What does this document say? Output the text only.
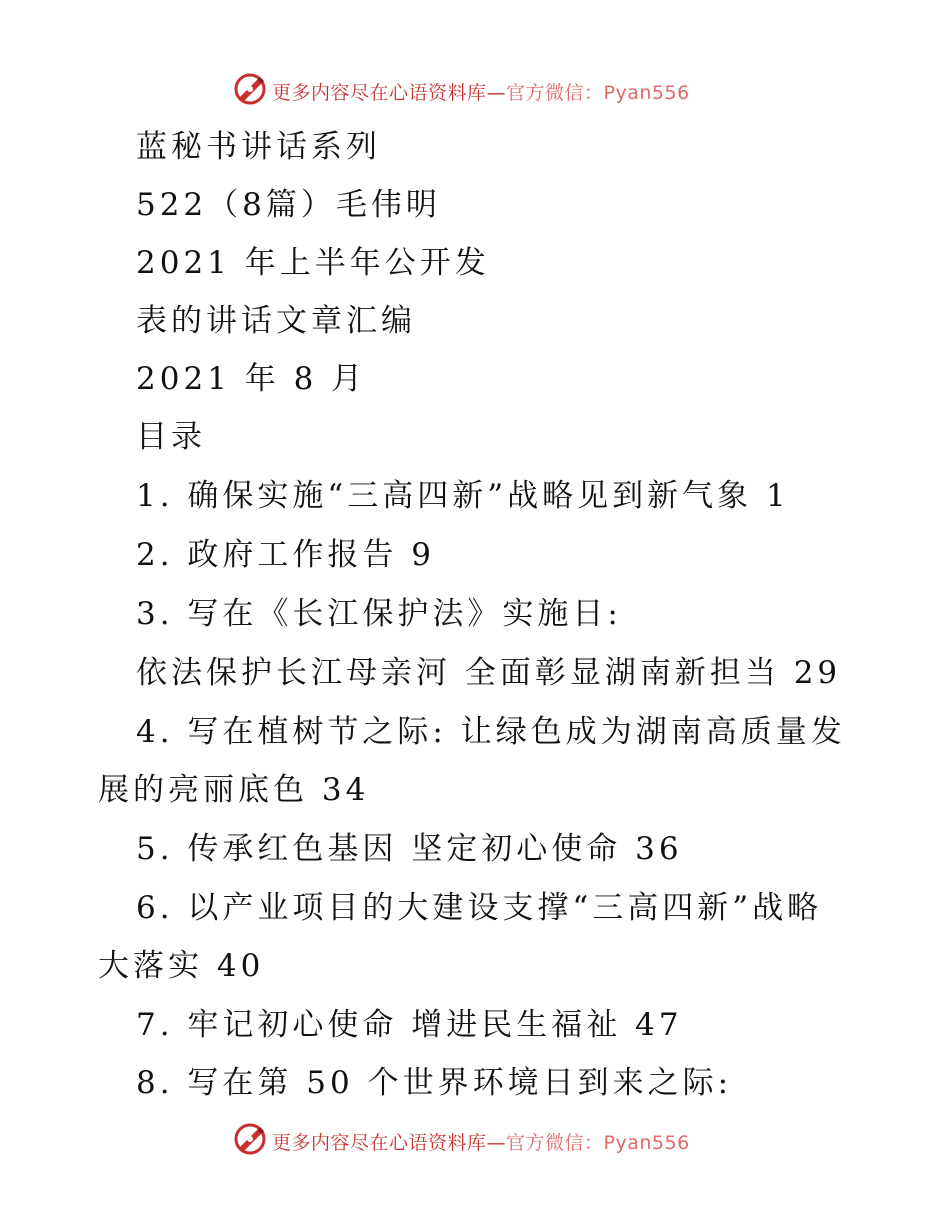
更多内容尽在心语资料库—官方微信：Pyan556
蓝秘书讲话系列
522（8篇）毛伟明
2021 年上半年公开发
表的讲话文章汇编
2021 年 8 月
目录
1. 确保实施“三高四新”战略见到新气象 1
2. 政府工作报告 9
3. 写在《长江保护法》实施日:
依法保护长江母亲河 全面彰显湖南新担当 29
4. 写在植树节之际: 让绿色成为湖南高质量发
展的亮丽底色 34
5. 传承红色基因 坚定初心使命 36
6. 以产业项目的大建设支撑“三高四新”战略
大落实 40
7. 牢记初心使命 增进民生福祉 47
8. 写在第 50 个世界环境日到来之际:
更多内容尽在心语资料库—官方微信：Pyan556
